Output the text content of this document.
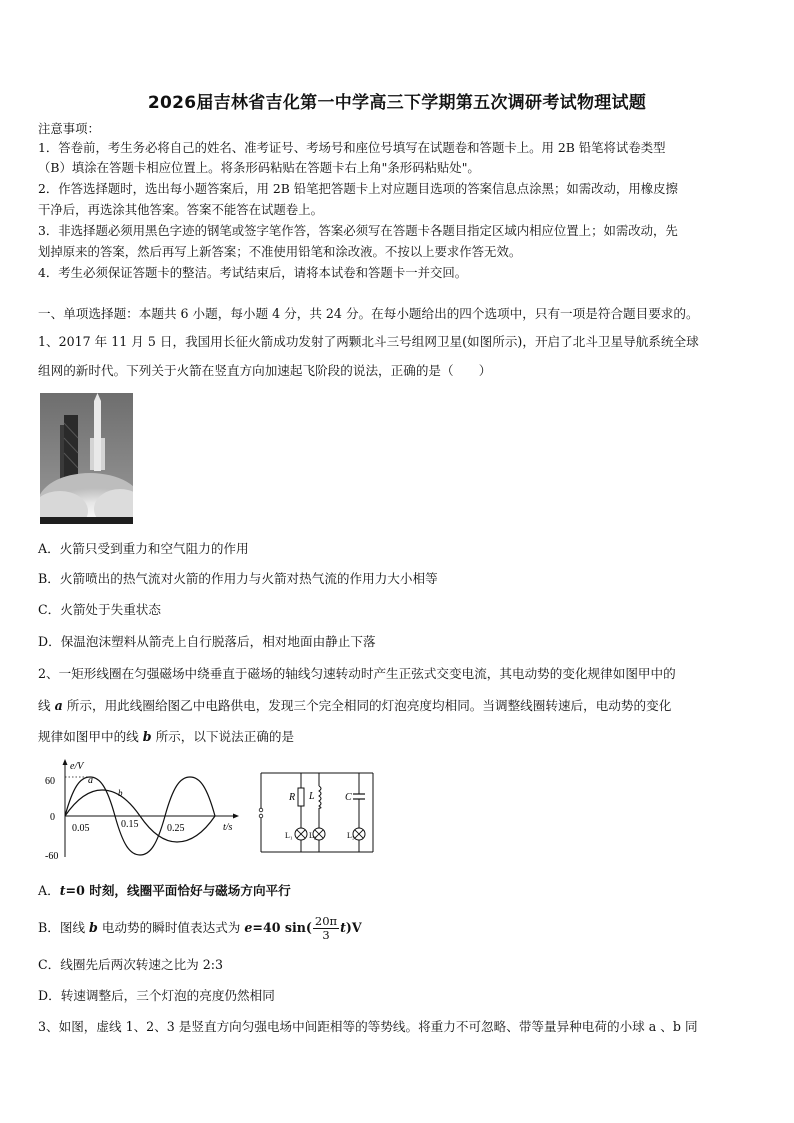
2026届吉林省吉化第一中学高三下学期第五次调研考试物理试题
注意事项：
1．答卷前，考生务必将自己的姓名、准考证号、考场号和座位号填写在试题卷和答题卡上。用 2B 铅笔将试卷类型
（B）填涂在答题卡相应位置上。将条形码粘贴在答题卡右上角"条形码粘贴处"。
2．作答选择题时，选出每小题答案后，用 2B 铅笔把答题卡上对应题目选项的答案信息点涂黑；如需改动，用橡皮擦
干净后，再选涂其他答案。答案不能答在试题卷上。
3．非选择题必须用黑色字迹的钢笔或签字笔作答，答案必须写在答题卡各题目指定区域内相应位置上；如需改动，先
划掉原来的答案，然后再写上新答案；不准使用铅笔和涂改液。不按以上要求作答无效。
4．考生必须保证答题卡的整洁。考试结束后，请将本试卷和答题卡一并交回。
一、单项选择题：本题共 6 小题，每小题 4 分，共 24 分。在每小题给出的四个选项中，只有一项是符合题目要求的。
1、2017 年 11 月 5 日，我国用长征火箭成功发射了两颗北斗三号组网卫星(如图所示)，开启了北斗卫星导航系统全球
组网的新时代。下列关于火箭在竖直方向加速起飞阶段的说法，正确的是（　　）
A．火箭只受到重力和空气阻力的作用
B．火箭喷出的热气流对火箭的作用力与火箭对热气流的作用力大小相等
C．火箭处于失重状态
D．保温泡沫塑料从箭壳上自行脱落后，相对地面由静止下落
2、一矩形线圈在匀强磁场中绕垂直于磁场的轴线匀速转动时产生正弦式交变电流，其电动势的变化规律如图甲中的
线 a 所示，用此线圈给图乙中电路供电，发现三个完全相同的灯泡亮度均相同。当调整线圈转速后，电动势的变化
规律如图甲中的线 b 所示，以下说法正确的是
e/V
t/s
60
0
-60
0.05	0.15	0.25
a
b	R L	C
L₁ L₂	L₃
A．t=0 时刻，线圈平面恰好与磁场方向平行
B．图线 b 电动势的瞬时值表达式为 e=40 $\sin( \frac{20\pi}{3} t)V$
C．线圈先后两次转速之比为 2:3
D．转速调整后，三个灯泡的亮度仍然相同
3、如图，虚线 1、2、3 是竖直方向匀强电场中间距相等的等势线。将重力不可忽略、带等量异种电荷的小球 a 、b 同
